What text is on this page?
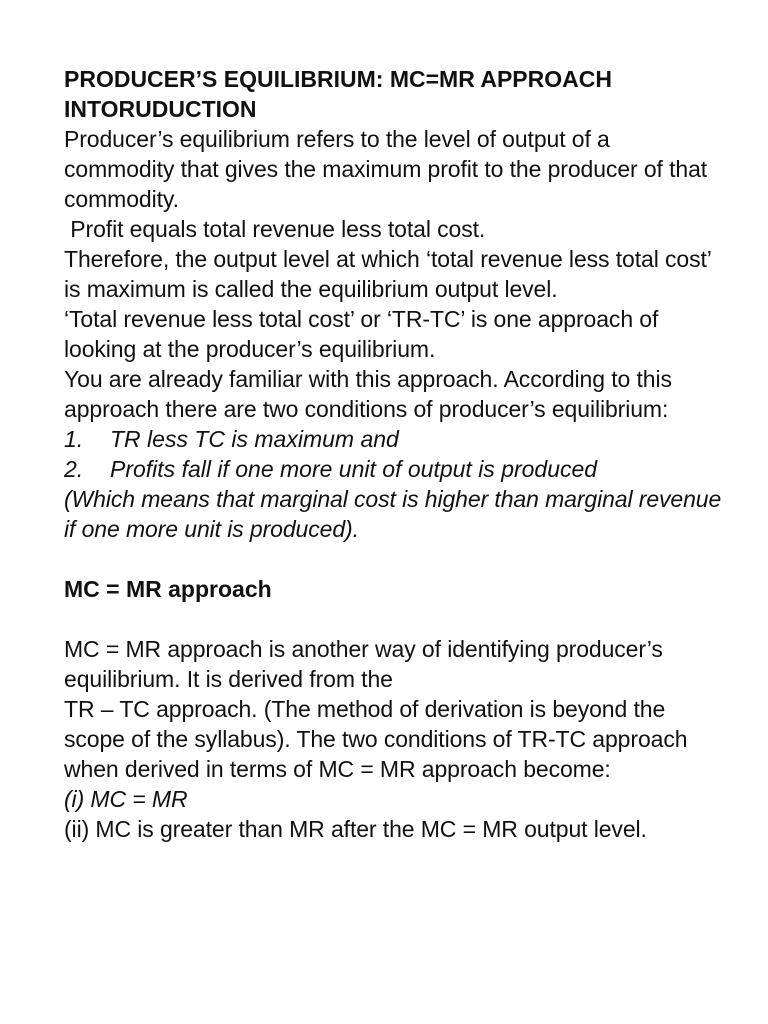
PRODUCER’S EQUILIBRIUM: MC=MR APPROACH

INTORUDUCTION

Producer’s equilibrium refers to the level of output of a commodity that gives the maximum profit to the producer of that commodity.

Profit equals total revenue less total cost.

Therefore, the output level at which ‘total revenue less total cost’ is maximum is called the equilibrium output level.

‘Total revenue less total cost’ or ‘TR-TC’ is one approach of looking at the producer’s equilibrium.

You are already familiar with this approach. According to this approach there are two conditions of producer’s equilibrium:

1.	TR less TC is maximum and
2.	Profits fall if one more unit of output is produced

(Which means that marginal cost is higher than marginal revenue if one more unit is produced).

MC = MR approach

MC = MR approach is another way of identifying producer’s equilibrium. It is derived from the

TR – TC approach. (The method of derivation is beyond the scope of the syllabus). The two conditions of TR-TC approach when derived in terms of MC = MR approach become:

(i) MC = MR

(ii) MC is greater than MR after the MC = MR output level.
